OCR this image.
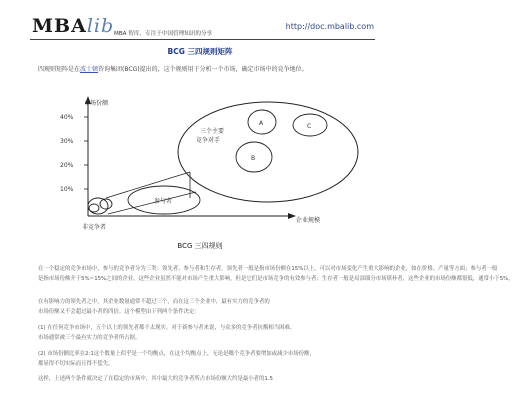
MBAlib MBA 智库，专注于中国管理知识的分享
http://doc.mbalib.com
BCG 三四规则矩阵
四规则矩阵是在波士顿咨询集团(BCG)提出的，这个规则用于分析一个市场，确定市场中的竞争地位。
市场份额
40%
30%
20%
10%
非竞争者
企业规模
A
B
C
三个主要
竞争对手
参与者
BCG 三四规则
在一个稳定的竞争市场中，参与的竞争者分为三类：领先者、参与者和生存者。领先者一般是指市场份额在15%以上，可以对市场变化产生重大影响的企业，如在价格、产量等方面；参与者一般
是指市场份额介于5%~15%之间的企业，这些企业虽然不能对市场产生重大影响，但是它们是市场竞争的有效参与者；生存者一般是局部细分市场填补者，这些企业的市场份额都很低，通常小于5%。
在有影响力的领先者之中，其企业数量通常不超过三个，而在这三个企业中，最有实力的竞争者的
市场份额又不会超过最小者的四倍。这个模型由下列两个条件决定：
(1) 在任何竞争市场中，五个以上的领先者都不太现实，对于新参与者来说，与众多的竞争者抗衡相当困难。
市场通常被三个最有实力的竞争者所占据。
(2) 市场份额比率在2:1这个数量上似乎是一个均衡点，在这个均衡点上，无论是哪个竞争者要增加或减少市场份额，
都显得不切实际而且得不偿失。
这样，上述两个条件就决定了在稳定的市场中，其中最大的竞争者所占市场份额大约是最小者的1.5
